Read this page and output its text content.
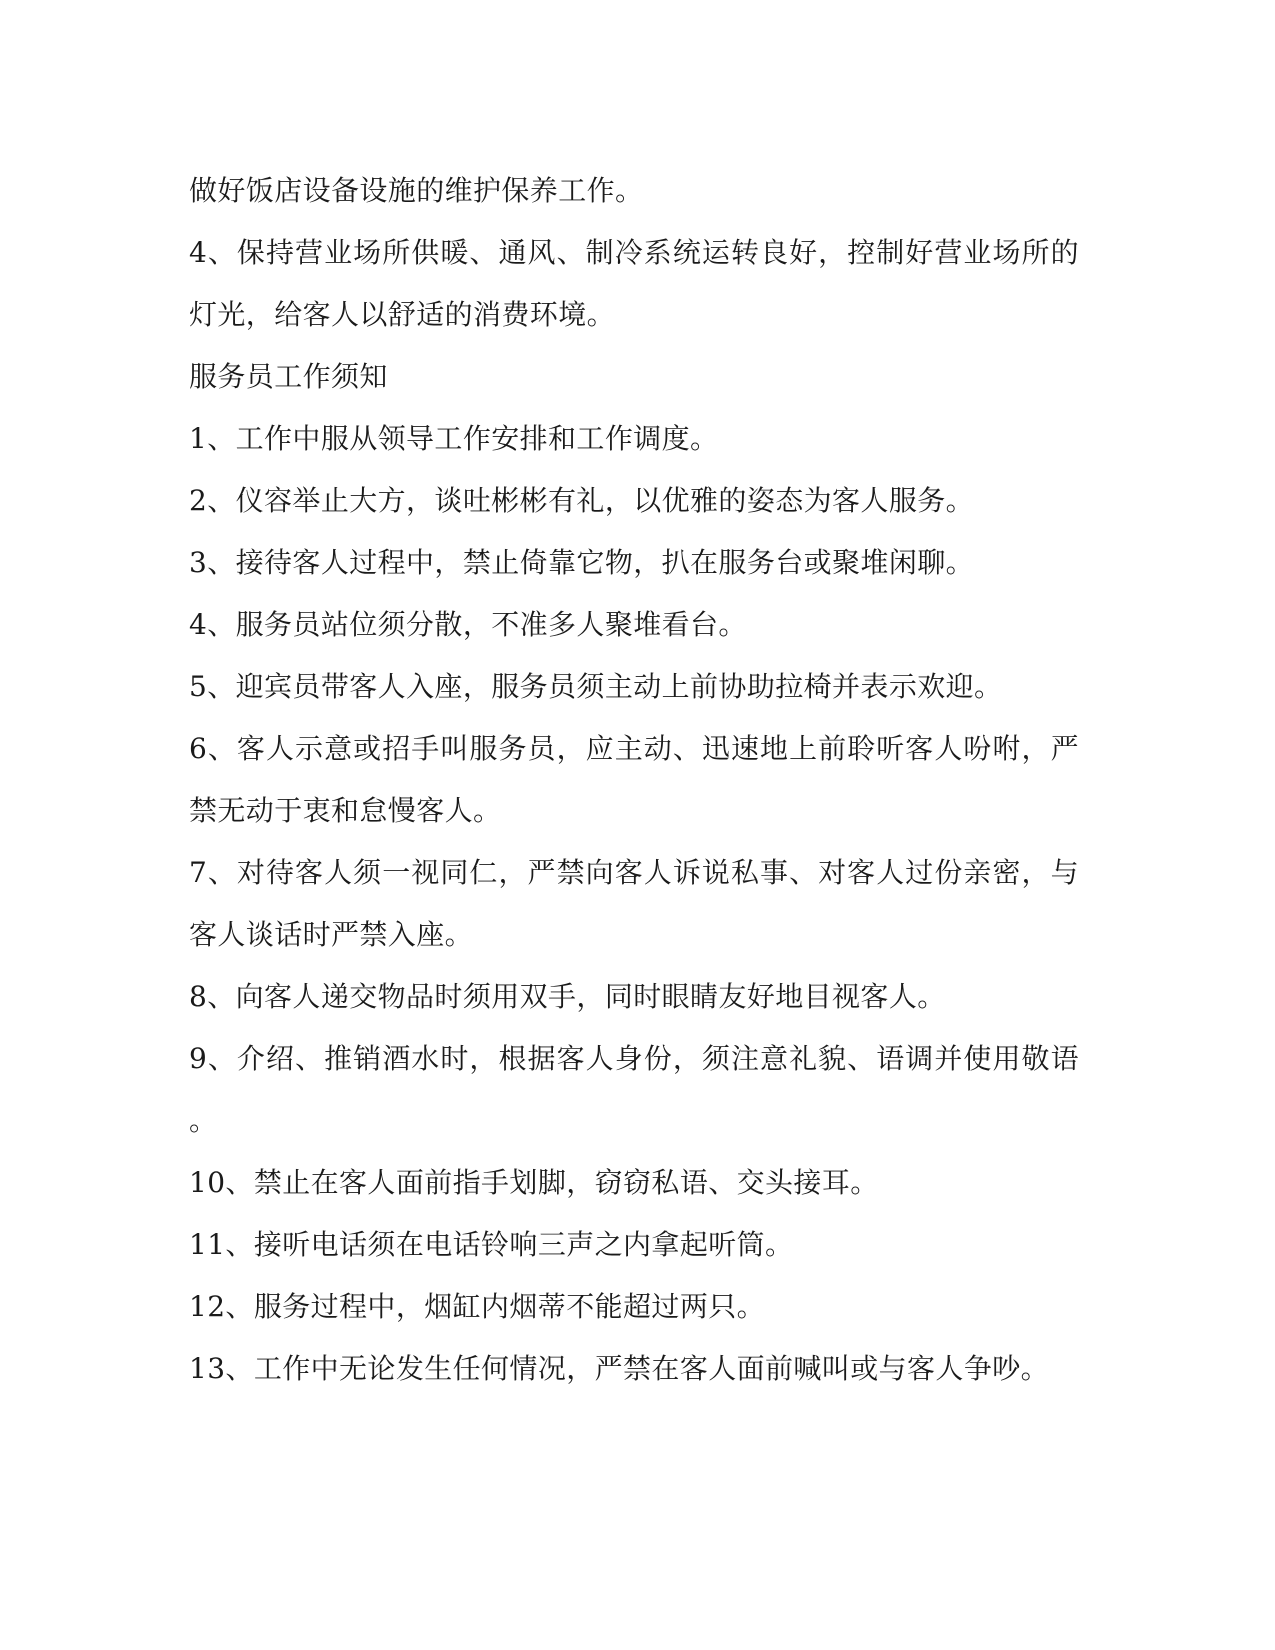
做好饭店设备设施的维护保养工作。
4、保持营业场所供暖、通风、制冷系统运转良好，控制好营业场所的
灯光，给客人以舒适的消费环境。
服务员工作须知
1、工作中服从领导工作安排和工作调度。
2、仪容举止大方，谈吐彬彬有礼，以优雅的姿态为客人服务。
3、接待客人过程中，禁止倚靠它物，扒在服务台或聚堆闲聊。
4、服务员站位须分散，不准多人聚堆看台。
5、迎宾员带客人入座，服务员须主动上前协助拉椅并表示欢迎。
6、客人示意或招手叫服务员，应主动、迅速地上前聆听客人吩咐，严
禁无动于衷和怠慢客人。
7、对待客人须一视同仁，严禁向客人诉说私事、对客人过份亲密，与
客人谈话时严禁入座。
8、向客人递交物品时须用双手，同时眼睛友好地目视客人。
9、介绍、推销酒水时，根据客人身份，须注意礼貌、语调并使用敬语
。
10、禁止在客人面前指手划脚，窃窃私语、交头接耳。
11、接听电话须在电话铃响三声之内拿起听筒。
12、服务过程中，烟缸内烟蒂不能超过两只。
13、工作中无论发生任何情况，严禁在客人面前喊叫或与客人争吵。
